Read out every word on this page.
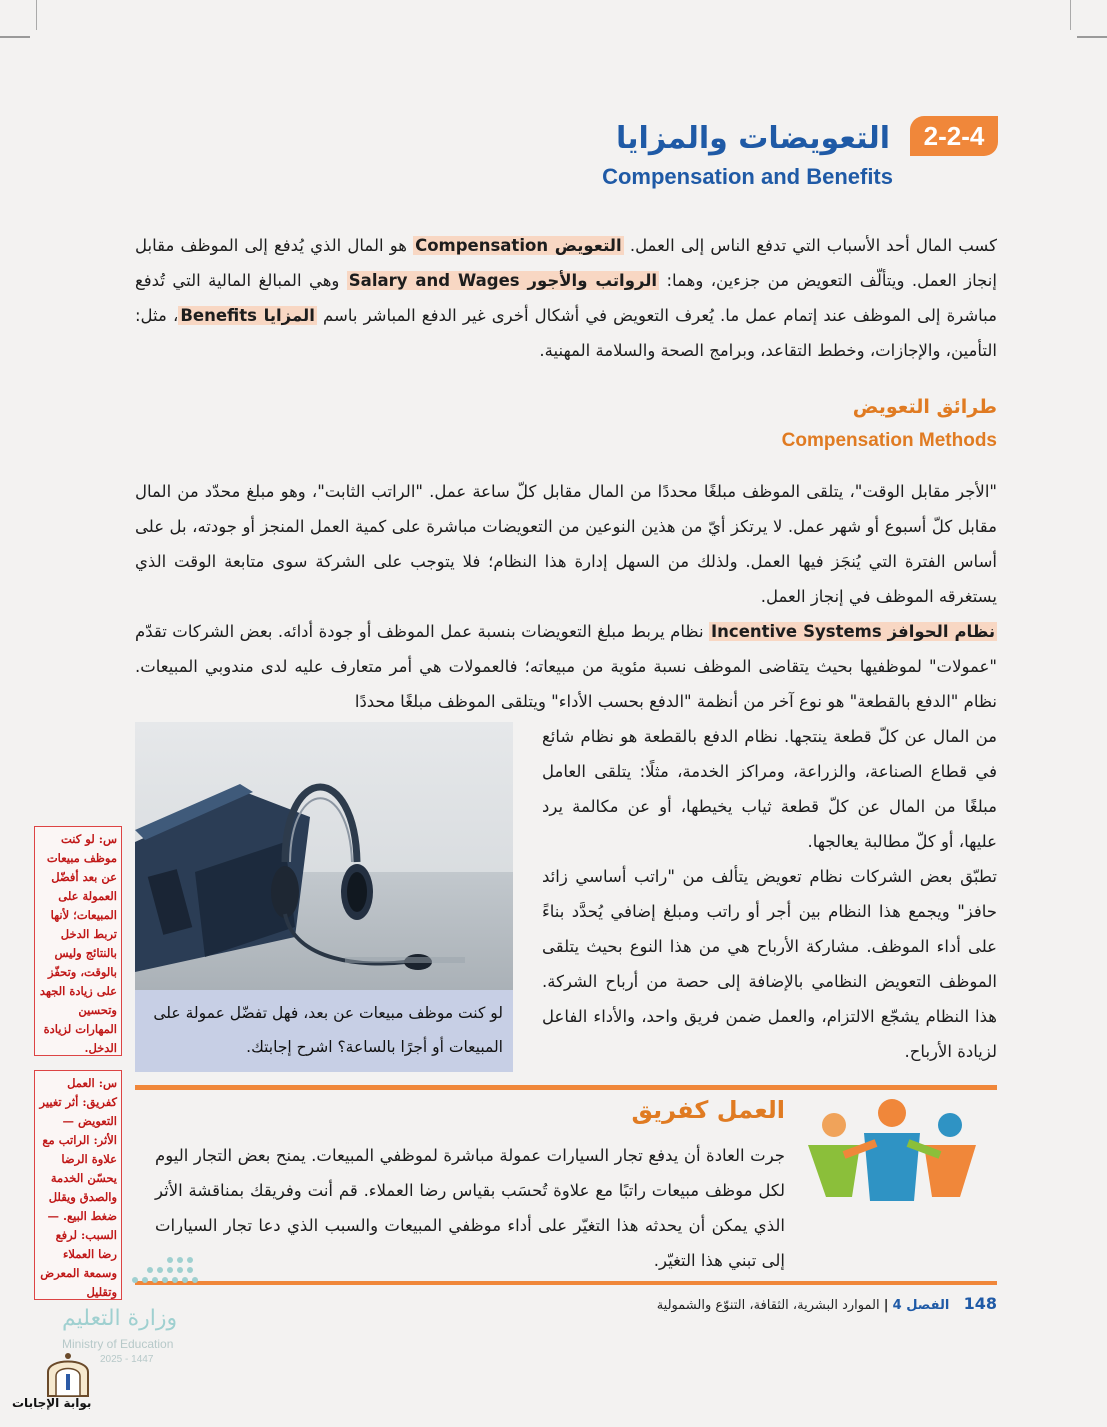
2-2-4
التعويضات والمزايا
Compensation and Benefits
كسب المال أحد الأسباب التي تدفع الناس إلى العمل. التعويض Compensation هو المال الذي يُدفع إلى الموظف مقابل إنجاز العمل. ويتألّف التعويض من جزءين، وهما: الرواتب والأجور Salary and Wages وهي المبالغ المالية التي تُدفع مباشرة إلى الموظف عند إتمام عمل ما. يُعرف التعويض في أشكال أخرى غير الدفع المباشر باسم المزايا Benefits، مثل: التأمين، والإجازات، وخطط التقاعد، وبرامج الصحة والسلامة المهنية.
طرائق التعويض
Compensation Methods
"الأجر مقابل الوقت"، يتلقى الموظف مبلغًا محددًا من المال مقابل كلّ ساعة عمل. "الراتب الثابت"، وهو مبلغ محدّد من المال مقابل كلّ أسبوع أو شهر عمل. لا يرتكز أيّ من هذين النوعين من التعويضات مباشرة على كمية العمل المنجز أو جودته، بل على أساس الفترة التي يُنجَز فيها العمل. ولذلك من السهل إدارة هذا النظام؛ فلا يتوجب على الشركة سوى متابعة الوقت الذي يستغرقه الموظف في إنجاز العمل.
نظام الحوافز Incentive Systems نظام يربط مبلغ التعويضات بنسبة عمل الموظف أو جودة أدائه. بعض الشركات تقدّم "عمولات" لموظفيها بحيث يتقاضى الموظف نسبة مئوية من مبيعاته؛ فالعمولات هي أمر متعارف عليه لدى مندوبي المبيعات. نظام "الدفع بالقطعة" هو نوع آخر من أنظمة "الدفع بحسب الأداء" ويتلقى الموظف مبلغًا محددًا
من المال عن كلّ قطعة ينتجها. نظام الدفع بالقطعة هو نظام شائع في قطاع الصناعة، والزراعة، ومراكز الخدمة، مثلًا: يتلقى العامل مبلغًا من المال عن كلّ قطعة ثياب يخيطها، أو عن مكالمة يرد عليها، أو كلّ مطالبة يعالجها.
تطبّق بعض الشركات نظام تعويض يتألف من "راتب أساسي زائد حافز" ويجمع هذا النظام بين أجر أو راتب ومبلغ إضافي يُحدَّد بناءً على أداء الموظف. مشاركة الأرباح هي من هذا النوع بحيث يتلقى الموظف التعويض النظامي بالإضافة إلى حصة من أرباح الشركة. هذا النظام يشجّع الالتزام، والعمل ضمن فريق واحد، والأداء الفاعل لزيادة الأرباح.
لو كنت موظف مبيعات عن بعد، فهل تفضّل عمولة على المبيعات أو أجرًا بالساعة؟ اشرح إجابتك.
س: لو كنت موظف مبيعات عن بعد أفضّل العمولة على المبيعات؛ لأنها تربط الدخل بالنتائج وليس بالوقت، وتحفّز على زيادة الجهد وتحسين المهارات لزيادة الدخل.
س: العمل كفريق: أثر تغيير التعويض — الأثر: الراتب مع علاوة الرضا يحسّن الخدمة والصدق ويقلل ضغط البيع. — السبب: لرفع رضا العملاء وسمعة المعرض وتقليل
العمل كفريق
جرت العادة أن يدفع تجار السيارات عمولة مباشرة لموظفي المبيعات. يمنح بعض التجار اليوم لكل موظف مبيعات راتبًا مع علاوة تُحسَب بقياس رضا العملاء. قم أنت وفريقك بمناقشة الأثر الذي يمكن أن يحدثه هذا التغيّر على أداء موظفي المبيعات والسبب الذي دعا تجار السيارات إلى تبني هذا التغيّر.
148  الفصل 4 | الموارد البشرية، الثقافة، التنوّع والشمولية
وزارة التعليم
Ministry of Education
2025 - 1447
بوابة الإجابات
